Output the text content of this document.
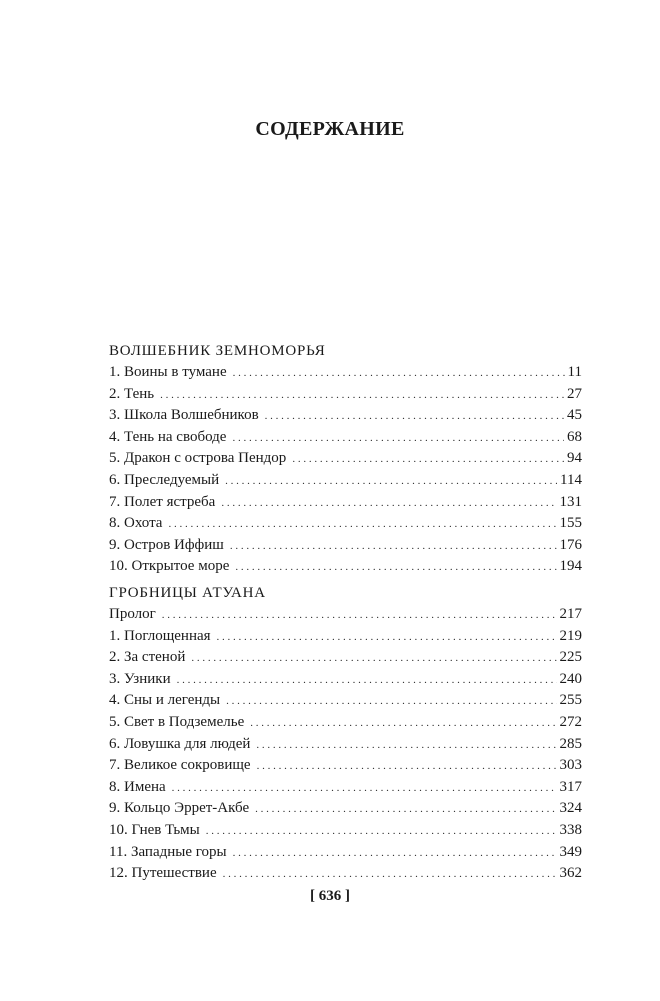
СОДЕРЖАНИЕ
ВОЛШЕБНИК ЗЕМНОМОРЬЯ
1. Воины в тумане . . .	11
2. Тень . . .	27
3. Школа Волшебников . . .	45
4. Тень на свободе . . .	68
5. Дракон с острова Пендор . . .	94
6. Преследуемый . . .	114
7. Полет ястреба . . .	131
8. Охота . . .	155
9. Остров Иффиш . . .	176
10. Открытое море . . .	194
ГРОБНИЦЫ АТУАНА
Пролог . . .	217
1. Поглощенная . . .	219
2. За стеной . . .	225
3. Узники . . .	240
4. Сны и легенды . . .	255
5. Свет в Подземелье . . .	272
6. Ловушка для людей . . .	285
7. Великое сокровище . . .	303
8. Имена . . .	317
9. Кольцо Эррет-Акбе . . .	324
10. Гнев Тьмы . . .	338
11. Западные горы . . .	349
12. Путешествие . . .	362
[ 636 ]
